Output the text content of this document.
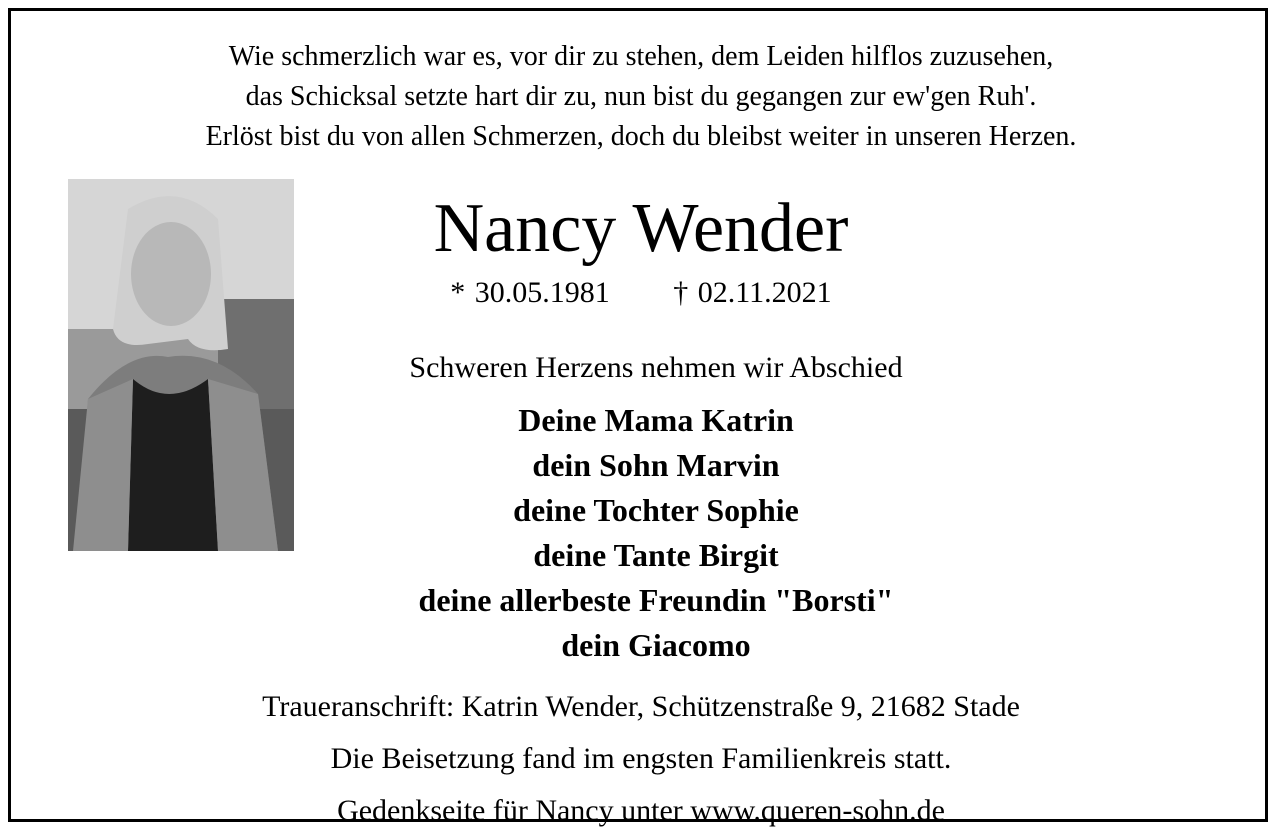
Wie schmerzlich war es, vor dir zu stehen, dem Leiden hilflos zuzusehen,
das Schicksal setzte hart dir zu, nun bist du gegangen zur ew'gen Ruh'.
Erlöst bist du von allen Schmerzen, doch du bleibst weiter in unseren Herzen.
Nancy Wender
* 30.05.1981 † 02.11.2021
Schweren Herzens nehmen wir Abschied
Deine Mama Katrin
dein Sohn Marvin
deine Tochter Sophie
deine Tante Birgit
deine allerbeste Freundin "Borsti"
dein Giacomo
Traueranschrift: Katrin Wender, Schützenstraße 9, 21682 Stade
Die Beisetzung fand im engsten Familienkreis statt.
Gedenkseite für Nancy unter www.queren-sohn.de
